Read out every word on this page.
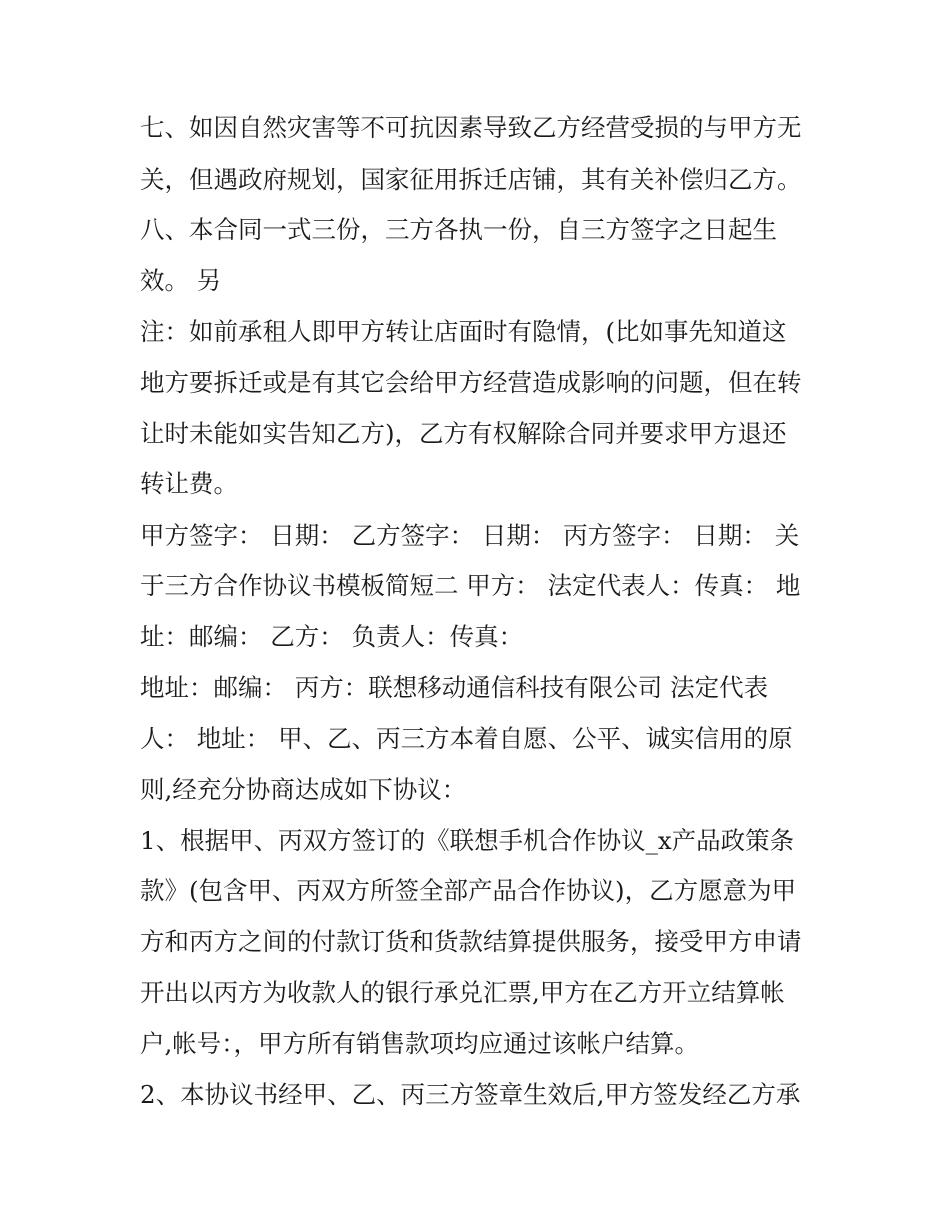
七、如因自然灾害等不可抗因素导致乙方经营受损的与甲方无
关，但遇政府规划，国家征用拆迁店铺，其有关补偿归乙方。
八、本合同一式三份，三方各执一份，自三方签字之日起生
效。 另
注：如前承租人即甲方转让店面时有隐情，(比如事先知道这
地方要拆迁或是有其它会给甲方经营造成影响的问题，但在转
让时未能如实告知乙方)，乙方有权解除合同并要求甲方退还
转让费。
甲方签字： 日期： 乙方签字： 日期： 丙方签字： 日期： 关
于三方合作协议书模板简短二 甲方： 法定代表人：传真： 地
址：邮编： 乙方： 负责人：传真：
地址：邮编： 丙方：联想移动通信科技有限公司 法定代表
人： 地址： 甲、乙、丙三方本着自愿、公平、诚实信用的原
则,经充分协商达成如下协议：
1、根据甲、丙双方签订的《联想手机合作协议_x产品政策条
款》(包含甲、丙双方所签全部产品合作协议)，乙方愿意为甲
方和丙方之间的付款订货和货款结算提供服务，接受甲方申请
开出以丙方为收款人的银行承兑汇票,甲方在乙方开立结算帐
户,帐号：，甲方所有销售款项均应通过该帐户结算。
2、本协议书经甲、乙、丙三方签章生效后,甲方签发经乙方承
